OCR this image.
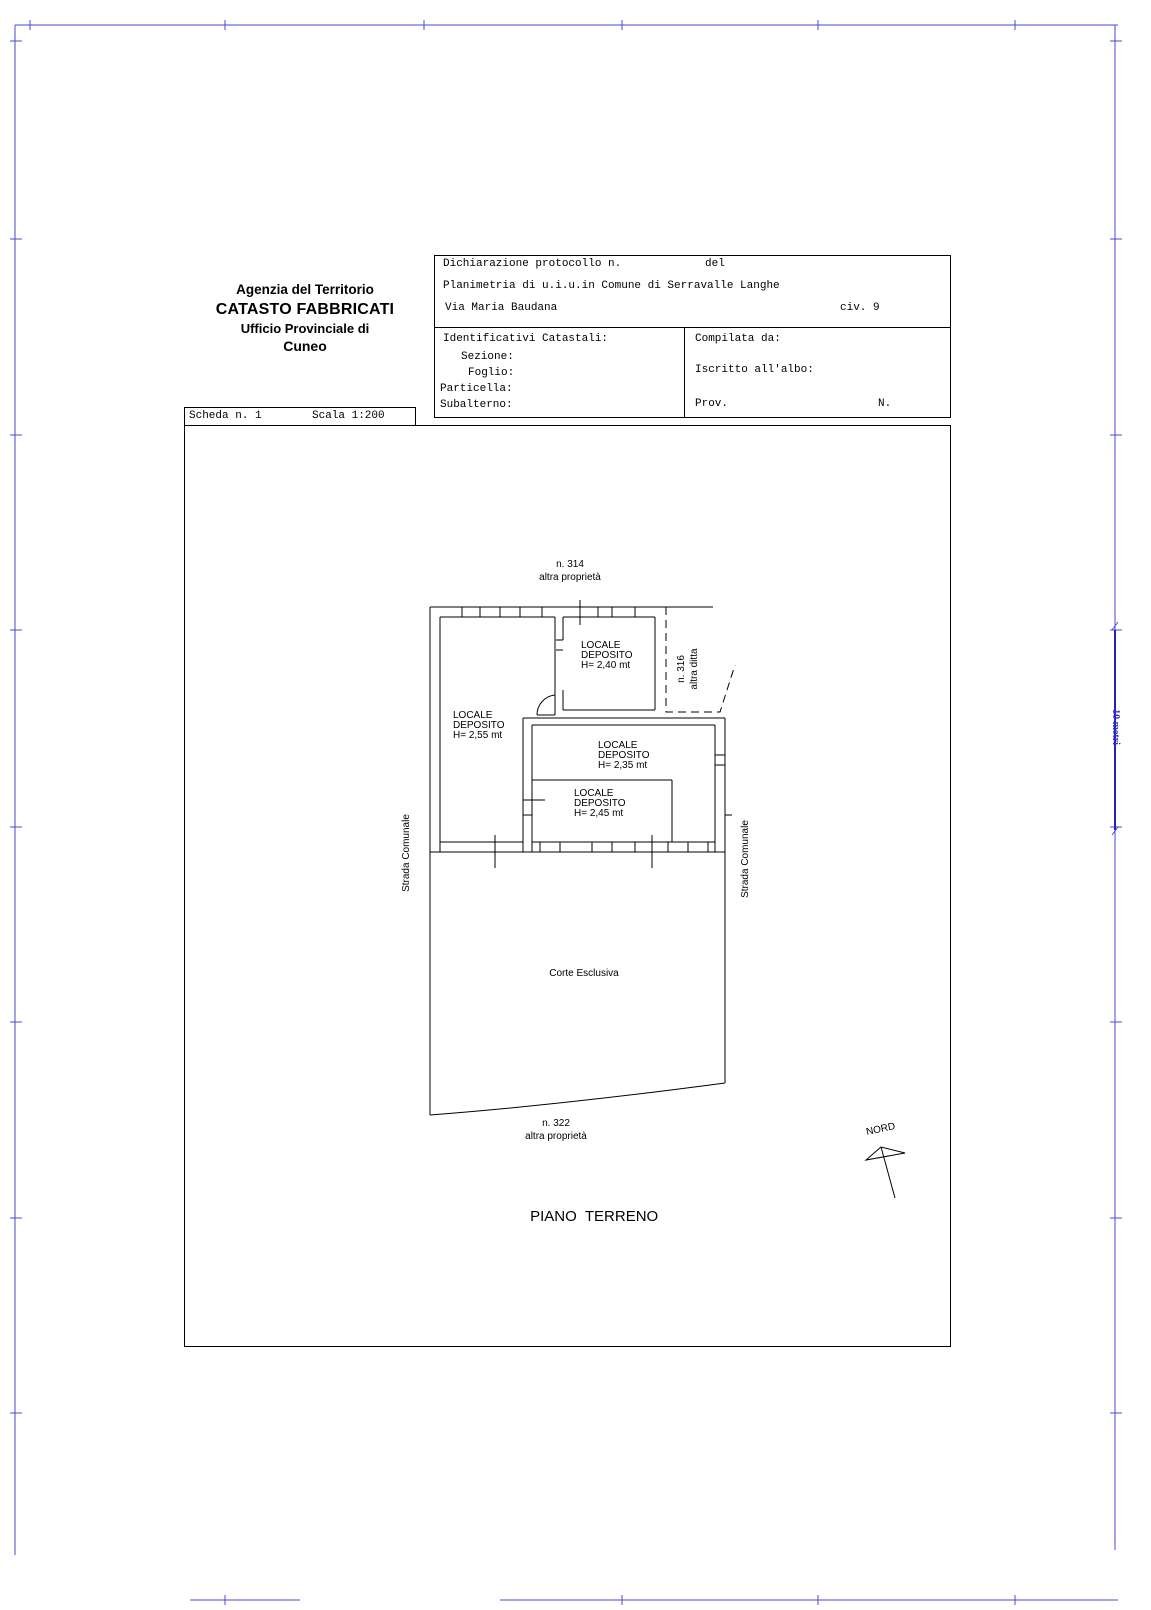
10 metri
Agenzia del Territorio
CATASTO FABBRICATI
Ufficio Provinciale di
Cuneo
Dichiarazione protocollo n.	del
Planimetria di u.i.u.in Comune di Serravalle Langhe
Via Maria Baudana	civ. 9
Identificativi Catastali:
Sezione:
Foglio:
Particella:
Subalterno:
Compilata da:
Iscritto all'albo:
Prov.	N.
Scheda n. 1	Scala 1:200
n. 314
altra proprietà
n. 316 altra ditta
LOCALE
DEPOSITO
H= 2,40 mt
LOCALE
DEPOSITO
H= 2,55 mt
LOCALE
DEPOSITO
H= 2,35 mt
LOCALE
DEPOSITO
H= 2,45 mt
Strada Comunale	Strada Comunale
Corte Esclusiva
n. 322
altra proprietà

PIANO  TERRENO

NORD
